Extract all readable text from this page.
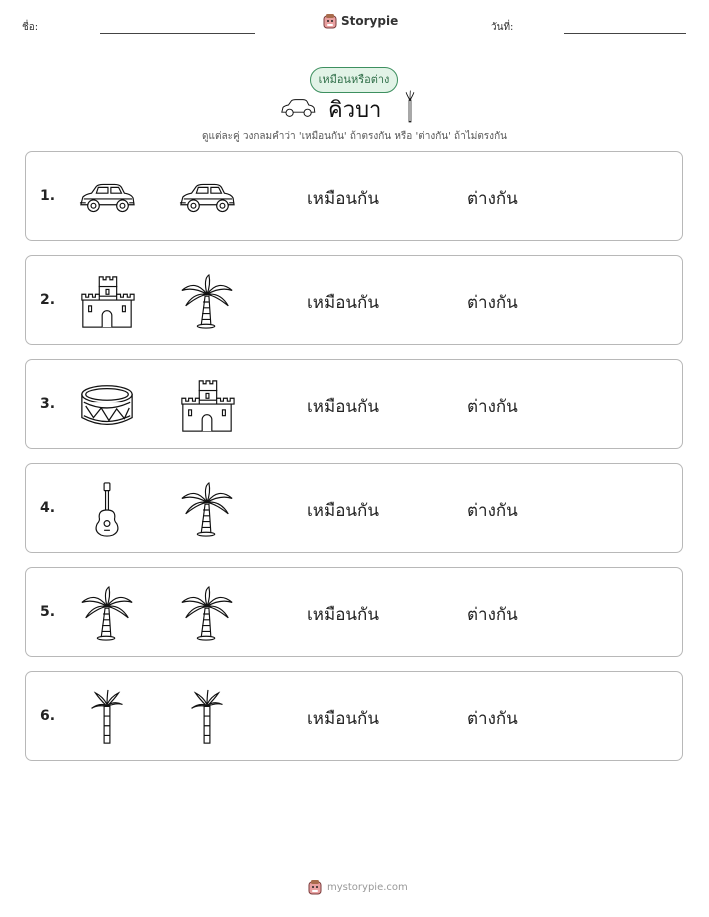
ชื่อ:	Storypie	วันที่:
เหมือนหรือต่าง
คิวบา
ดูแต่ละคู่ วงกลมคำว่า 'เหมือนกัน' ถ้าตรงกัน หรือ 'ต่างกัน' ถ้าไม่ตรงกัน
1.	เหมือนกัน	ต่างกัน
2.	เหมือนกัน	ต่างกัน
3.	เหมือนกัน	ต่างกัน
4.	เหมือนกัน	ต่างกัน
5.	เหมือนกัน	ต่างกัน
6.	เหมือนกัน	ต่างกัน
mystorypie.com
